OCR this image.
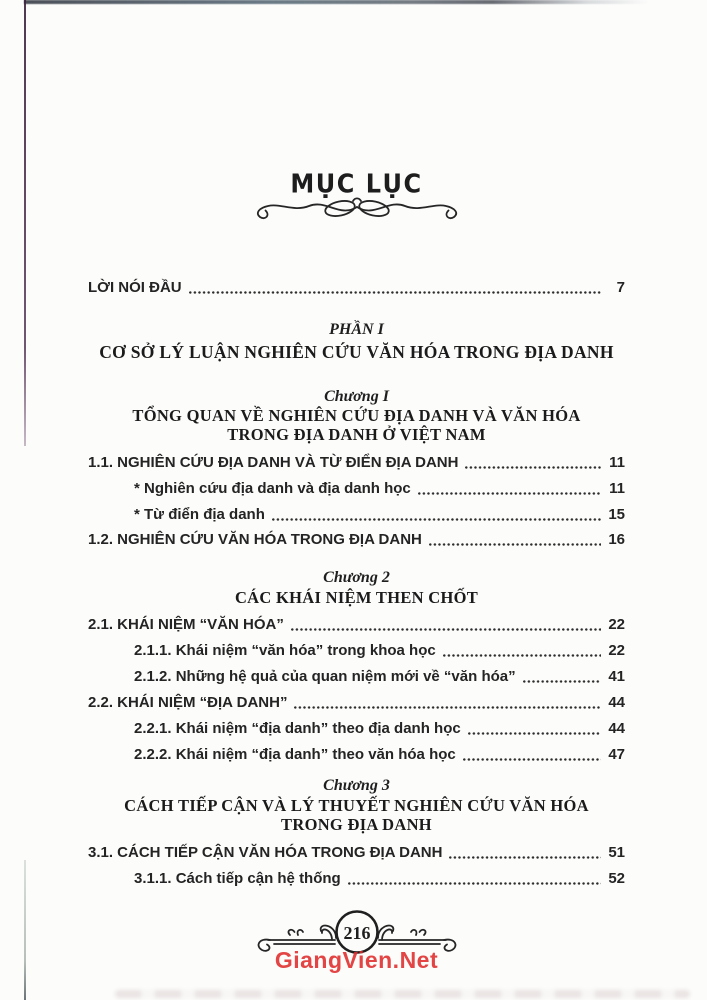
MỤC LỤC
LỜI NÓI ĐẦU	7
PHẦN I
CƠ SỞ LÝ LUẬN NGHIÊN CỨU VĂN HÓA TRONG ĐỊA DANH
Chương I
TỔNG QUAN VỀ NGHIÊN CỨU ĐỊA DANH VÀ VĂN HÓA
TRONG ĐỊA DANH Ở VIỆT NAM
1.1. NGHIÊN CỨU ĐỊA DANH VÀ TỪ ĐIỂN ĐỊA DANH	11
* Nghiên cứu địa danh và địa danh học	11
* Từ điển địa danh	15
1.2. NGHIÊN CỨU VĂN HÓA TRONG ĐỊA DANH	16
Chương 2
CÁC KHÁI NIỆM THEN CHỐT
2.1. KHÁI NIỆM “VĂN HÓA”	22
2.1.1. Khái niệm “văn hóa” trong khoa học	22
2.1.2. Những hệ quả của quan niệm mới về “văn hóa”	41
2.2. KHÁI NIỆM “ĐỊA DANH”	44
2.2.1. Khái niệm “địa danh” theo địa danh học	44
2.2.2. Khái niệm “địa danh” theo văn hóa học	47
Chương 3
CÁCH TIẾP CẬN VÀ LÝ THUYẾT NGHIÊN CỨU VĂN HÓA
TRONG ĐỊA DANH
3.1. CÁCH TIẾP CẬN VĂN HÓA TRONG ĐỊA DANH	51
3.1.1. Cách tiếp cận hệ thống	52
216
GiangVien.Net
